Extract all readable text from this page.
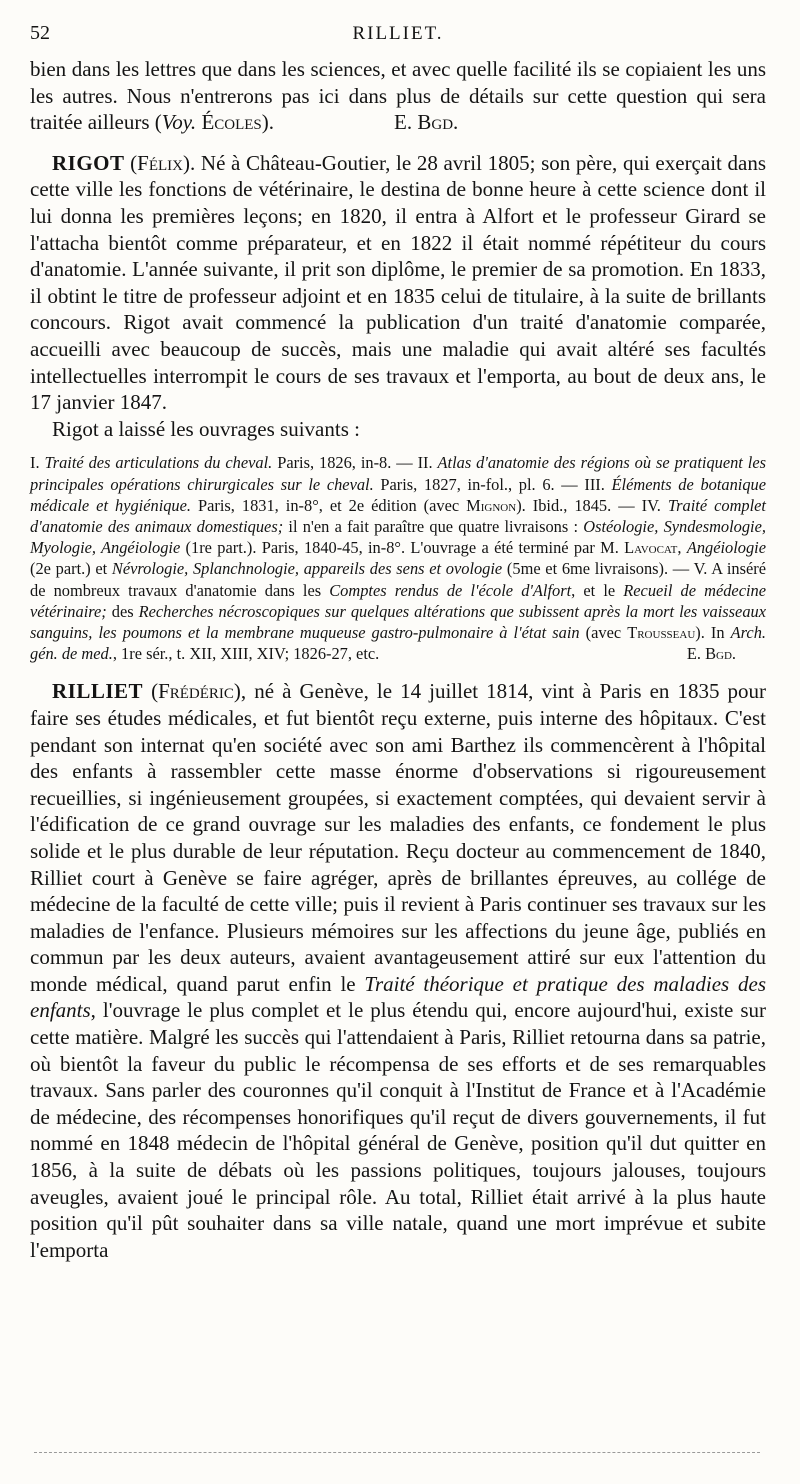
52	RILLIET.

bien dans les lettres que dans les sciences, et avec quelle facilité ils se copiaient les uns les autres. Nous n'entrerons pas ici dans plus de détails sur cette question qui sera traitée ailleurs (Voy. Écoles).	E. Bgd.

RIGOT (Félix). Né à Château-Goutier, le 28 avril 1805; son père, qui exerçait dans cette ville les fonctions de vétérinaire, le destina de bonne heure à cette science dont il lui donna les premières leçons; en 1820, il entra à Alfort et le professeur Girard se l'attacha bientôt comme préparateur, et en 1822 il était nommé répétiteur du cours d'anatomie. L'année suivante, il prit son diplôme, le premier de sa promotion. En 1833, il obtint le titre de professeur adjoint et en 1835 celui de titulaire, à la suite de brillants concours. Rigot avait commencé la publication d'un traité d'anatomie comparée, accueilli avec beaucoup de succès, mais une maladie qui avait altéré ses facultés intellectuelles interrompit le cours de ses travaux et l'emporta, au bout de deux ans, le 17 janvier 1847.

Rigot a laissé les ouvrages suivants :

I. Traité des articulations du cheval. Paris, 1826, in-8. — II. Atlas d'anatomie des régions où se pratiquent les principales opérations chirurgicales sur le cheval. Paris, 1827, in-fol., pl. 6. — III. Éléments de botanique médicale et hygiénique. Paris, 1831, in-8°, et 2e édition (avec Mignon). Ibid., 1845. — IV. Traité complet d'anatomie des animaux domestiques; il n'en a fait paraître que quatre livraisons : Ostéologie, Syndesmologie, Myologie, Angéiologie (1re part.). Paris, 1840-45, in-8°. L'ouvrage a été terminé par M. Lavocat, Angéiologie (2e part.) et Névrologie, Splanchnologie, appareils des sens et ovologie (5me et 6me livraisons). — V. A inséré de nombreux travaux d'anatomie dans les Comptes rendus de l'école d'Alfort, et le Recueil de médecine vétérinaire; des Recherches nécroscopiques sur quelques altérations que subissent après la mort les vaisseaux sanguins, les poumons et la membrane muqueuse gastro-pulmonaire à l'état sain (avec Trousseau). In Arch. gén. de med., 1re sér., t. XII, XIII, XIV; 1826-27, etc.	E. Bgd.

RILLIET (Frédéric), né à Genève, le 14 juillet 1814, vint à Paris en 1835 pour faire ses études médicales, et fut bientôt reçu externe, puis interne des hôpitaux. C'est pendant son internat qu'en société avec son ami Barthez ils commencèrent à l'hôpital des enfants à rassembler cette masse énorme d'observations si rigoureusement recueillies, si ingénieusement groupées, si exactement comptées, qui devaient servir à l'édification de ce grand ouvrage sur les maladies des enfants, ce fondement le plus solide et le plus durable de leur réputation. Reçu docteur au commencement de 1840, Rilliet court à Genève se faire agréger, après de brillantes épreuves, au collége de médecine de la faculté de cette ville; puis il revient à Paris continuer ses travaux sur les maladies de l'enfance. Plusieurs mémoires sur les affections du jeune âge, publiés en commun par les deux auteurs, avaient avantageusement attiré sur eux l'attention du monde médical, quand parut enfin le Traité théorique et pratique des maladies des enfants, l'ouvrage le plus complet et le plus étendu qui, encore aujourd'hui, existe sur cette matière. Malgré les succès qui l'attendaient à Paris, Rilliet retourna dans sa patrie, où bientôt la faveur du public le récompensa de ses efforts et de ses remarquables travaux. Sans parler des couronnes qu'il conquit à l'Institut de France et à l'Académie de médecine, des récompenses honorifiques qu'il reçut de divers gouvernements, il fut nommé en 1848 médecin de l'hôpital général de Genève, position qu'il dut quitter en 1856, à la suite de débats où les passions politiques, toujours jalouses, toujours aveugles, avaient joué le principal rôle. Au total, Rilliet était arrivé à la plus haute position qu'il pût souhaiter dans sa ville natale, quand une mort imprévue et subite l'emporta
